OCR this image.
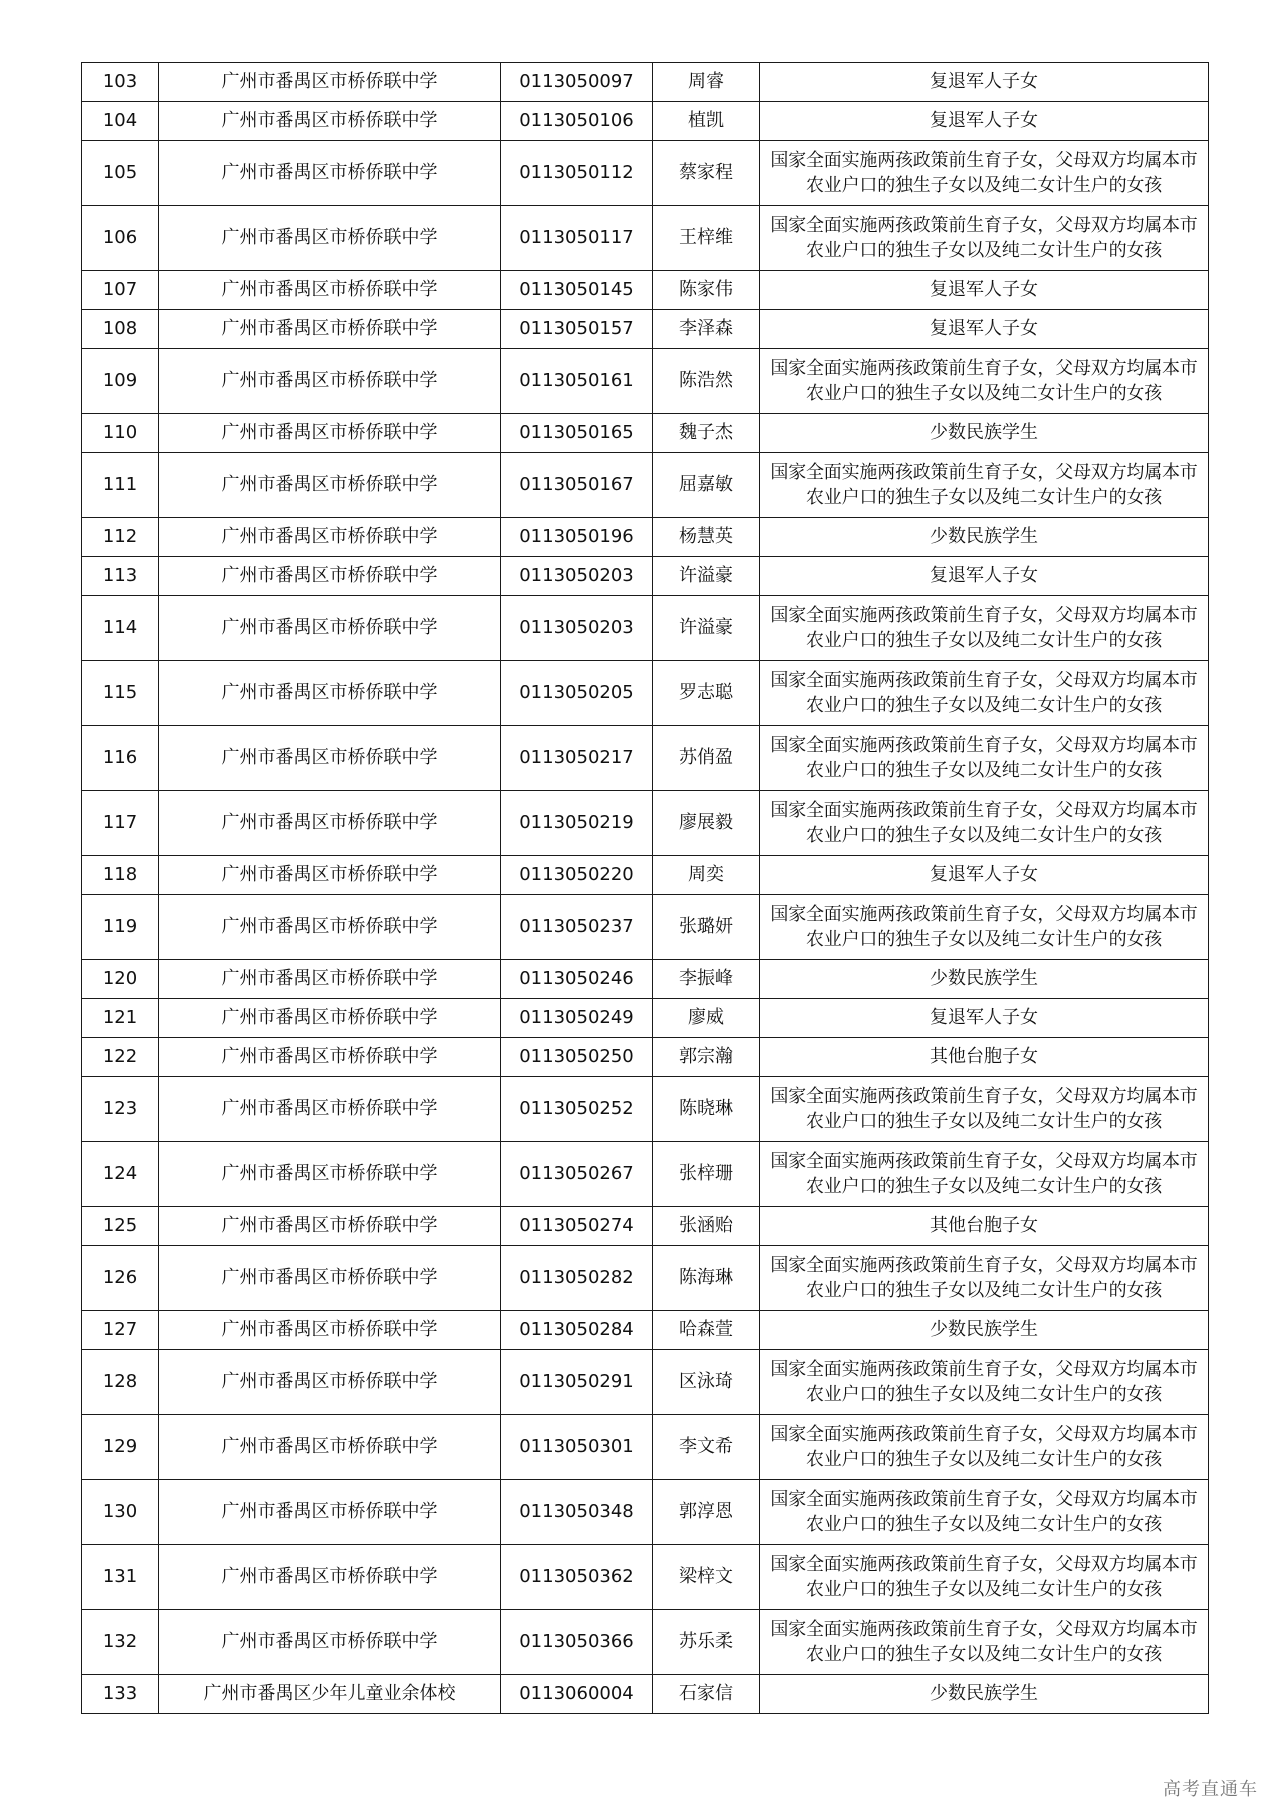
103	广州市番禺区市桥侨联中学	0113050097	周睿	复退军人子女
104	广州市番禺区市桥侨联中学	0113050106	植凯	复退军人子女
105	广州市番禺区市桥侨联中学	0113050112	蔡家程	国家全面实施两孩政策前生育子女，父母双方均属本市农业户口的独生子女以及纯二女计生户的女孩
106	广州市番禺区市桥侨联中学	0113050117	王梓维	国家全面实施两孩政策前生育子女，父母双方均属本市农业户口的独生子女以及纯二女计生户的女孩
107	广州市番禺区市桥侨联中学	0113050145	陈家伟	复退军人子女
108	广州市番禺区市桥侨联中学	0113050157	李泽森	复退军人子女
109	广州市番禺区市桥侨联中学	0113050161	陈浩然	国家全面实施两孩政策前生育子女，父母双方均属本市农业户口的独生子女以及纯二女计生户的女孩
110	广州市番禺区市桥侨联中学	0113050165	魏子杰	少数民族学生
111	广州市番禺区市桥侨联中学	0113050167	屈嘉敏	国家全面实施两孩政策前生育子女，父母双方均属本市农业户口的独生子女以及纯二女计生户的女孩
112	广州市番禺区市桥侨联中学	0113050196	杨慧英	少数民族学生
113	广州市番禺区市桥侨联中学	0113050203	许溢豪	复退军人子女
114	广州市番禺区市桥侨联中学	0113050203	许溢豪	国家全面实施两孩政策前生育子女，父母双方均属本市农业户口的独生子女以及纯二女计生户的女孩
115	广州市番禺区市桥侨联中学	0113050205	罗志聪	国家全面实施两孩政策前生育子女，父母双方均属本市农业户口的独生子女以及纯二女计生户的女孩
116	广州市番禺区市桥侨联中学	0113050217	苏俏盈	国家全面实施两孩政策前生育子女，父母双方均属本市农业户口的独生子女以及纯二女计生户的女孩
117	广州市番禺区市桥侨联中学	0113050219	廖展毅	国家全面实施两孩政策前生育子女，父母双方均属本市农业户口的独生子女以及纯二女计生户的女孩
118	广州市番禺区市桥侨联中学	0113050220	周奕	复退军人子女
119	广州市番禺区市桥侨联中学	0113050237	张璐妍	国家全面实施两孩政策前生育子女，父母双方均属本市农业户口的独生子女以及纯二女计生户的女孩
120	广州市番禺区市桥侨联中学	0113050246	李振峰	少数民族学生
121	广州市番禺区市桥侨联中学	0113050249	廖威	复退军人子女
122	广州市番禺区市桥侨联中学	0113050250	郭宗瀚	其他台胞子女
123	广州市番禺区市桥侨联中学	0113050252	陈晓琳	国家全面实施两孩政策前生育子女，父母双方均属本市农业户口的独生子女以及纯二女计生户的女孩
124	广州市番禺区市桥侨联中学	0113050267	张梓珊	国家全面实施两孩政策前生育子女，父母双方均属本市农业户口的独生子女以及纯二女计生户的女孩
125	广州市番禺区市桥侨联中学	0113050274	张涵贻	其他台胞子女
126	广州市番禺区市桥侨联中学	0113050282	陈海琳	国家全面实施两孩政策前生育子女，父母双方均属本市农业户口的独生子女以及纯二女计生户的女孩
127	广州市番禺区市桥侨联中学	0113050284	哈森萱	少数民族学生
128	广州市番禺区市桥侨联中学	0113050291	区泳琦	国家全面实施两孩政策前生育子女，父母双方均属本市农业户口的独生子女以及纯二女计生户的女孩
129	广州市番禺区市桥侨联中学	0113050301	李文希	国家全面实施两孩政策前生育子女，父母双方均属本市农业户口的独生子女以及纯二女计生户的女孩
130	广州市番禺区市桥侨联中学	0113050348	郭淳恩	国家全面实施两孩政策前生育子女，父母双方均属本市农业户口的独生子女以及纯二女计生户的女孩
131	广州市番禺区市桥侨联中学	0113050362	梁梓文	国家全面实施两孩政策前生育子女，父母双方均属本市农业户口的独生子女以及纯二女计生户的女孩
132	广州市番禺区市桥侨联中学	0113050366	苏乐柔	国家全面实施两孩政策前生育子女，父母双方均属本市农业户口的独生子女以及纯二女计生户的女孩
133	广州市番禺区少年儿童业余体校	0113060004	石家信	少数民族学生
高考直通车
